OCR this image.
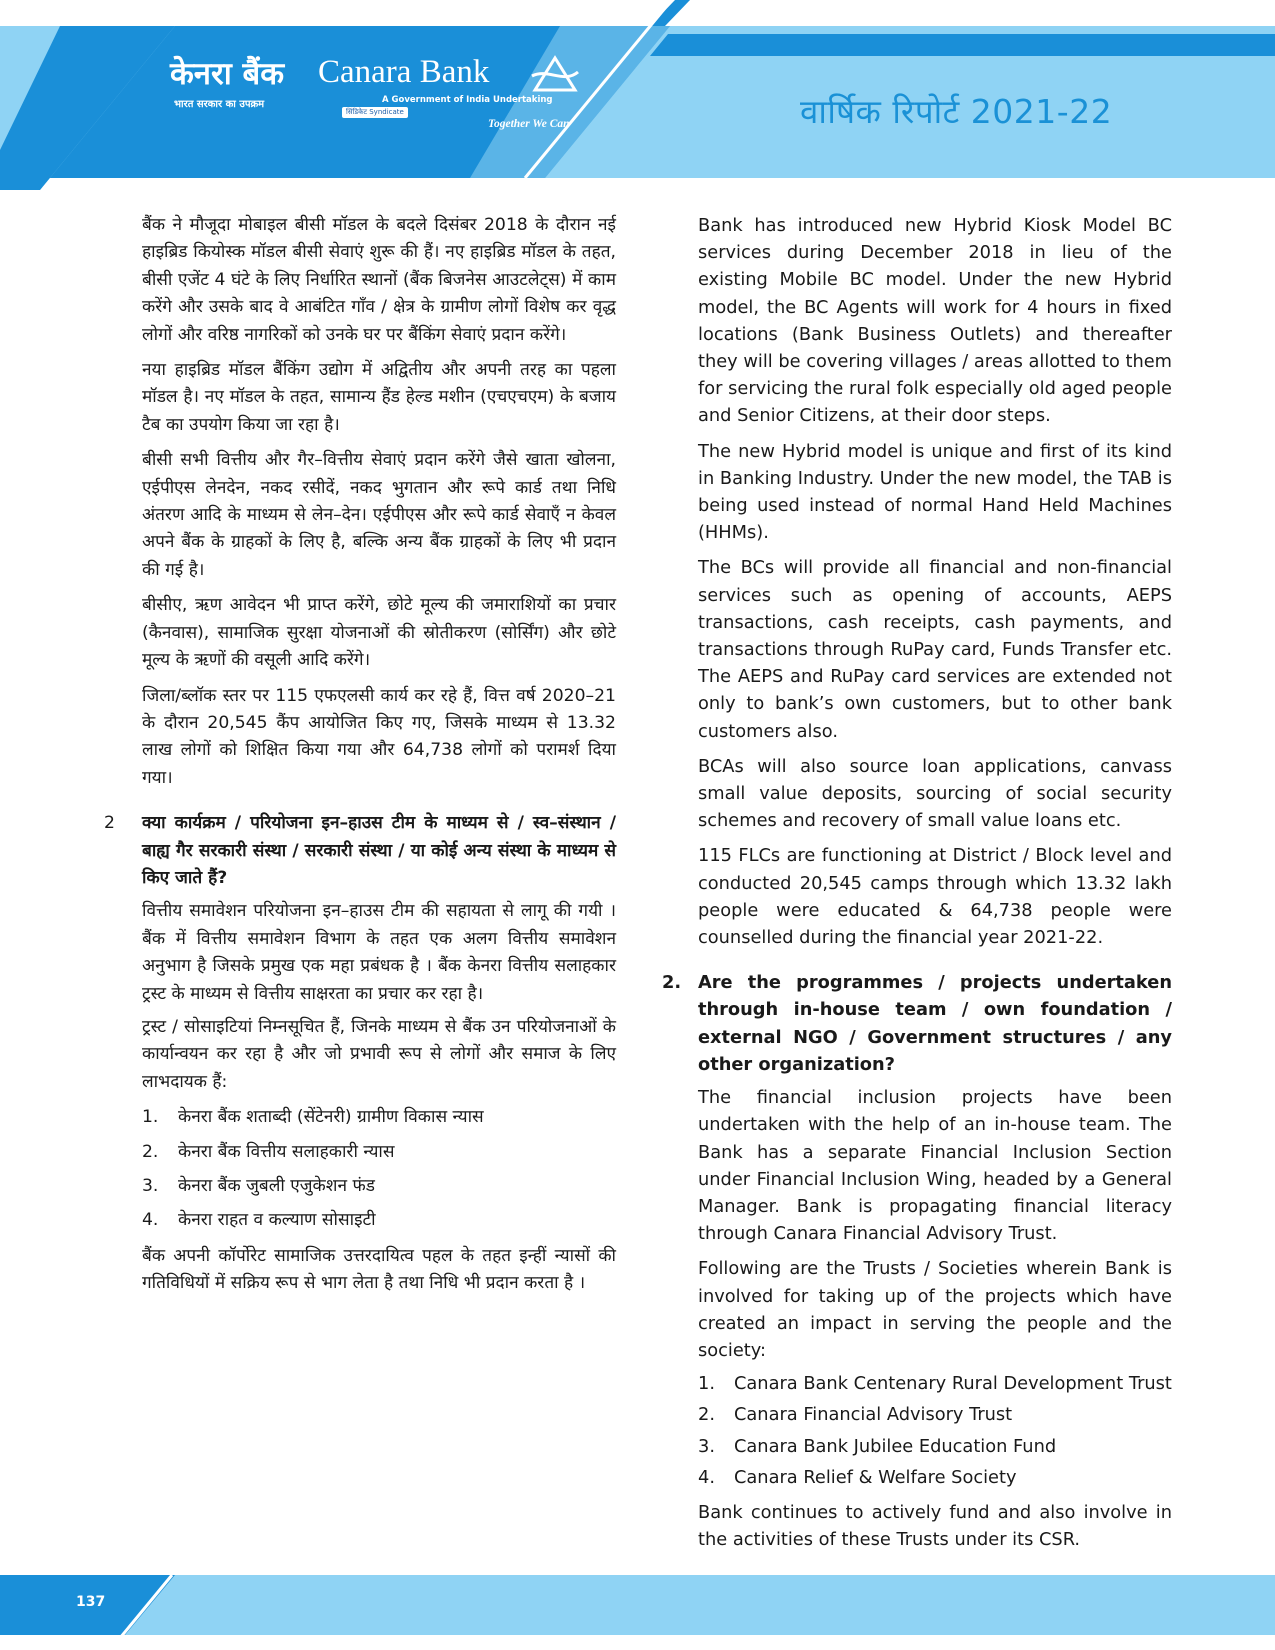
केनरा बैंक
भारत सरकार का उपक्रम
Canara Bank
A Government of India Undertaking
सिंडिकेट Syndicate
Together We Can	वार्षिक रिपोर्ट 2021-22

बैंक ने मौजूदा मोबाइल बीसी मॉडल के बदले दिसंबर 2018 के दौरान नई हाइब्रिड कियोस्क मॉडल बीसी सेवाएं शुरू की हैं। नए हाइब्रिड मॉडल के तहत, बीसी एजेंट 4 घंटे के लिए निर्धारित स्थानों (बैंक बिजनेस आउटलेट्स) में काम करेंगे और उसके बाद वे आबंटित गाँव / क्षेत्र के ग्रामीण लोगों विशेष कर वृद्ध लोगों और वरिष्ठ नागरिकों को उनके घर पर बैंकिंग सेवाएं प्रदान करेंगे।

नया हाइब्रिड मॉडल बैंकिंग उद्योग में अद्वितीय और अपनी तरह का पहला मॉडल है। नए मॉडल के तहत, सामान्य हैंड हेल्ड मशीन (एचएचएम) के बजाय टैब का उपयोग किया जा रहा है।

बीसी सभी वित्तीय और गैर–वित्तीय सेवाएं प्रदान करेंगे जैसे खाता खोलना, एईपीएस लेनदेन, नकद रसीदें, नकद भुगतान और रूपे कार्ड तथा निधि अंतरण आदि के माध्यम से लेन–देन। एईपीएस और रूपे कार्ड सेवाएँ न केवल अपने बैंक के ग्राहकों के लिए है, बल्कि अन्य बैंक ग्राहकों के लिए भी प्रदान की गई है।

बीसीए, ऋण आवेदन भी प्राप्त करेंगे, छोटे मूल्य की जमाराशियों का प्रचार (कैनवास), सामाजिक सुरक्षा योजनाओं की स्रोतीकरण (सोर्सिंग) और छोटे मूल्य के ऋणों की वसूली आदि करेंगे।

जिला/ब्लॉक स्तर पर 115 एफएलसी कार्य कर रहे हैं, वित्त वर्ष 2020–21 के दौरान 20,545 कैंप आयोजित किए गए, जिसके माध्यम से 13.32 लाख लोगों को शिक्षित किया गया और 64,738 लोगों को परामर्श दिया गया।

2 क्या कार्यक्रम / परियोजना इन–हाउस टीम के माध्यम से / स्व–संस्थान / बाह्य गैर सरकारी संस्था / सरकारी संस्था / या कोई अन्य संस्था के माध्यम से किए जाते हैं?

वित्तीय समावेशन परियोजना इन–हाउस टीम की सहायता से लागू की गयी । बैंक में वित्तीय समावेशन विभाग के तहत एक अलग वित्तीय समावेशन अनुभाग है जिसके प्रमुख एक महा प्रबंधक है । बैंक केनरा वित्तीय सलाहकार ट्रस्ट के माध्यम से वित्तीय साक्षरता का प्रचार कर रहा है।

ट्रस्ट / सोसाइटियां निम्नसूचित हैं, जिनके माध्यम से बैंक उन परियोजनाओं के कार्यान्वयन कर रहा है और जो प्रभावी रूप से लोगों और समाज के लिए लाभदायक हैं:

1. केनरा बैंक शताब्दी (सेंटेनरी) ग्रामीण विकास न्यास
2. केनरा बैंक वित्तीय सलाहकारी न्यास
3. केनरा बैंक जुबली एजुकेशन फंड
4. केनरा राहत व कल्याण सोसाइटी

बैंक अपनी कॉर्पोरेट सामाजिक उत्तरदायित्व पहल के तहत इन्हीं न्यासों की गतिविधियों में सक्रिय रूप से भाग लेता है तथा निधि भी प्रदान करता है ।

Bank has introduced new Hybrid Kiosk Model BC services during December 2018 in lieu of the existing Mobile BC model. Under the new Hybrid model, the BC Agents will work for 4 hours in fixed locations (Bank Business Outlets) and thereafter they will be covering villages / areas allotted to them for servicing the rural folk especially old aged people and Senior Citizens, at their door steps.

The new Hybrid model is unique and first of its kind in Banking Industry. Under the new model, the TAB is being used instead of normal Hand Held Machines (HHMs).

The BCs will provide all financial and non-financial services such as opening of accounts, AEPS transactions, cash receipts, cash payments, and transactions through RuPay card, Funds Transfer etc. The AEPS and RuPay card services are extended not only to bank’s own customers, but to other bank customers also.

BCAs will also source loan applications, canvass small value deposits, sourcing of social security schemes and recovery of small value loans etc.

115 FLCs are functioning at District / Block level and conducted 20,545 camps through which 13.32 lakh people were educated & 64,738 people were counselled during the financial year 2021-22.

2. Are the programmes / projects undertaken through in-house team / own foundation / external NGO / Government structures / any other organization?

The financial inclusion projects have been undertaken with the help of an in-house team. The Bank has a separate Financial Inclusion Section under Financial Inclusion Wing, headed by a General Manager. Bank is propagating financial literacy through Canara Financial Advisory Trust.

Following are the Trusts / Societies wherein Bank is involved for taking up of the projects which have created an impact in serving the people and the society:

1. Canara Bank Centenary Rural Development Trust
2. Canara Financial Advisory Trust
3. Canara Bank Jubilee Education Fund
4. Canara Relief & Welfare Society

Bank continues to actively fund and also involve in the activities of these Trusts under its CSR.

137
